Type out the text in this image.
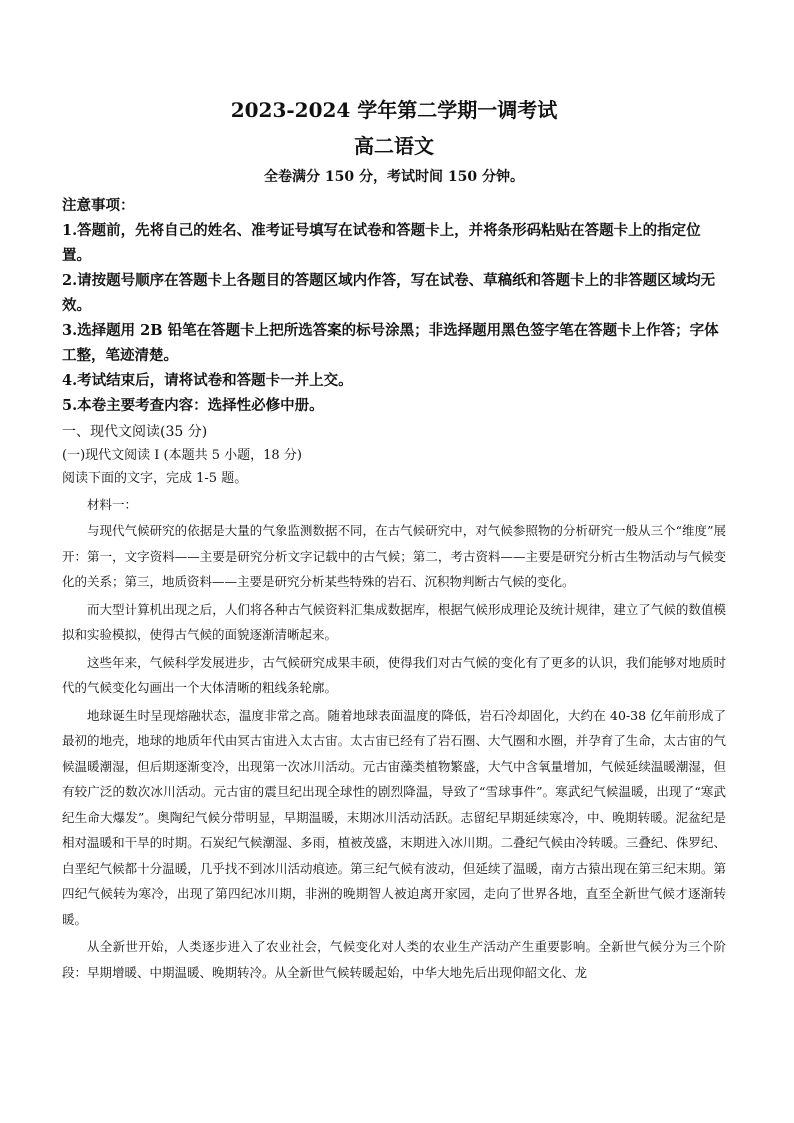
2023-2024 学年第二学期一调考试
高二语文
全卷满分 150 分，考试时间 150 分钟。
注意事项：
1.答题前，先将自己的姓名、准考证号填写在试卷和答题卡上，并将条形码粘贴在答题卡上的指定位置。
2.请按题号顺序在答题卡上各题目的答题区域内作答，写在试卷、草稿纸和答题卡上的非答题区域均无效。
3.选择题用 2B 铅笔在答题卡上把所选答案的标号涂黑；非选择题用黑色签字笔在答题卡上作答；字体工整，笔迹清楚。
4.考试结束后，请将试卷和答题卡一并上交。
5.本卷主要考查内容：选择性必修中册。
一、现代文阅读(35 分)
(一)现代文阅读 I (本题共 5 小题，18 分)
阅读下面的文字，完成 1-5 题。
材料一：

与现代气候研究的依据是大量的气象监测数据不同，在古气候研究中，对气候参照物的分析研究一般从三个“维度”展开：第一，文字资料——主要是研究分析文字记载中的古气候；第二，考古资料——主要是研究分析古生物活动与气候变化的关系；第三，地质资料——主要是研究分析某些特殊的岩石、沉积物判断古气候的变化。

而大型计算机出现之后，人们将各种古气候资料汇集成数据库，根据气候形成理论及统计规律，建立了气候的数值模拟和实验模拟，使得古气候的面貌逐渐清晰起来。

这些年来，气候科学发展进步，古气候研究成果丰硕，使得我们对古气候的变化有了更多的认识，我们能够对地质时代的气候变化勾画出一个大体清晰的粗线条轮廓。

地球诞生时呈现熔融状态，温度非常之高。随着地球表面温度的降低，岩石冷却固化，大约在 40-38 亿年前形成了最初的地壳，地球的地质年代由冥古宙进入太古宙。太古宙已经有了岩石圈、大气圈和水圈，并孕育了生命，太古宙的气候温暖潮湿，但后期逐渐变冷，出现第一次冰川活动。元古宙藻类植物繁盛，大气中含氧量增加，气候延续温暖潮湿，但有较广泛的数次冰川活动。元古宙的震旦纪出现全球性的剧烈降温，导致了“雪球事件”。寒武纪气候温暖，出现了“寒武纪生命大爆发”。奥陶纪气候分带明显，早期温暖，末期冰川活动活跃。志留纪早期延续寒冷，中、晚期转暖。泥盆纪是相对温暖和干旱的时期。石炭纪气候潮湿、多雨，植被茂盛，末期进入冰川期。二叠纪气候由冷转暖。三叠纪、侏罗纪、白垩纪气候都十分温暖，几乎找不到冰川活动痕迹。第三纪气候有波动，但延续了温暖，南方古猿出现在第三纪末期。第四纪气候转为寒冷，出现了第四纪冰川期，非洲的晚期智人被迫离开家园，走向了世界各地，直至全新世气候才逐渐转暖。

从全新世开始，人类逐步进入了农业社会，气候变化对人类的农业生产活动产生重要影响。全新世气候分为三个阶段：早期增暖、中期温暖、晚期转冷。从全新世气候转暖起始，中华大地先后出现仰韶文化、龙
